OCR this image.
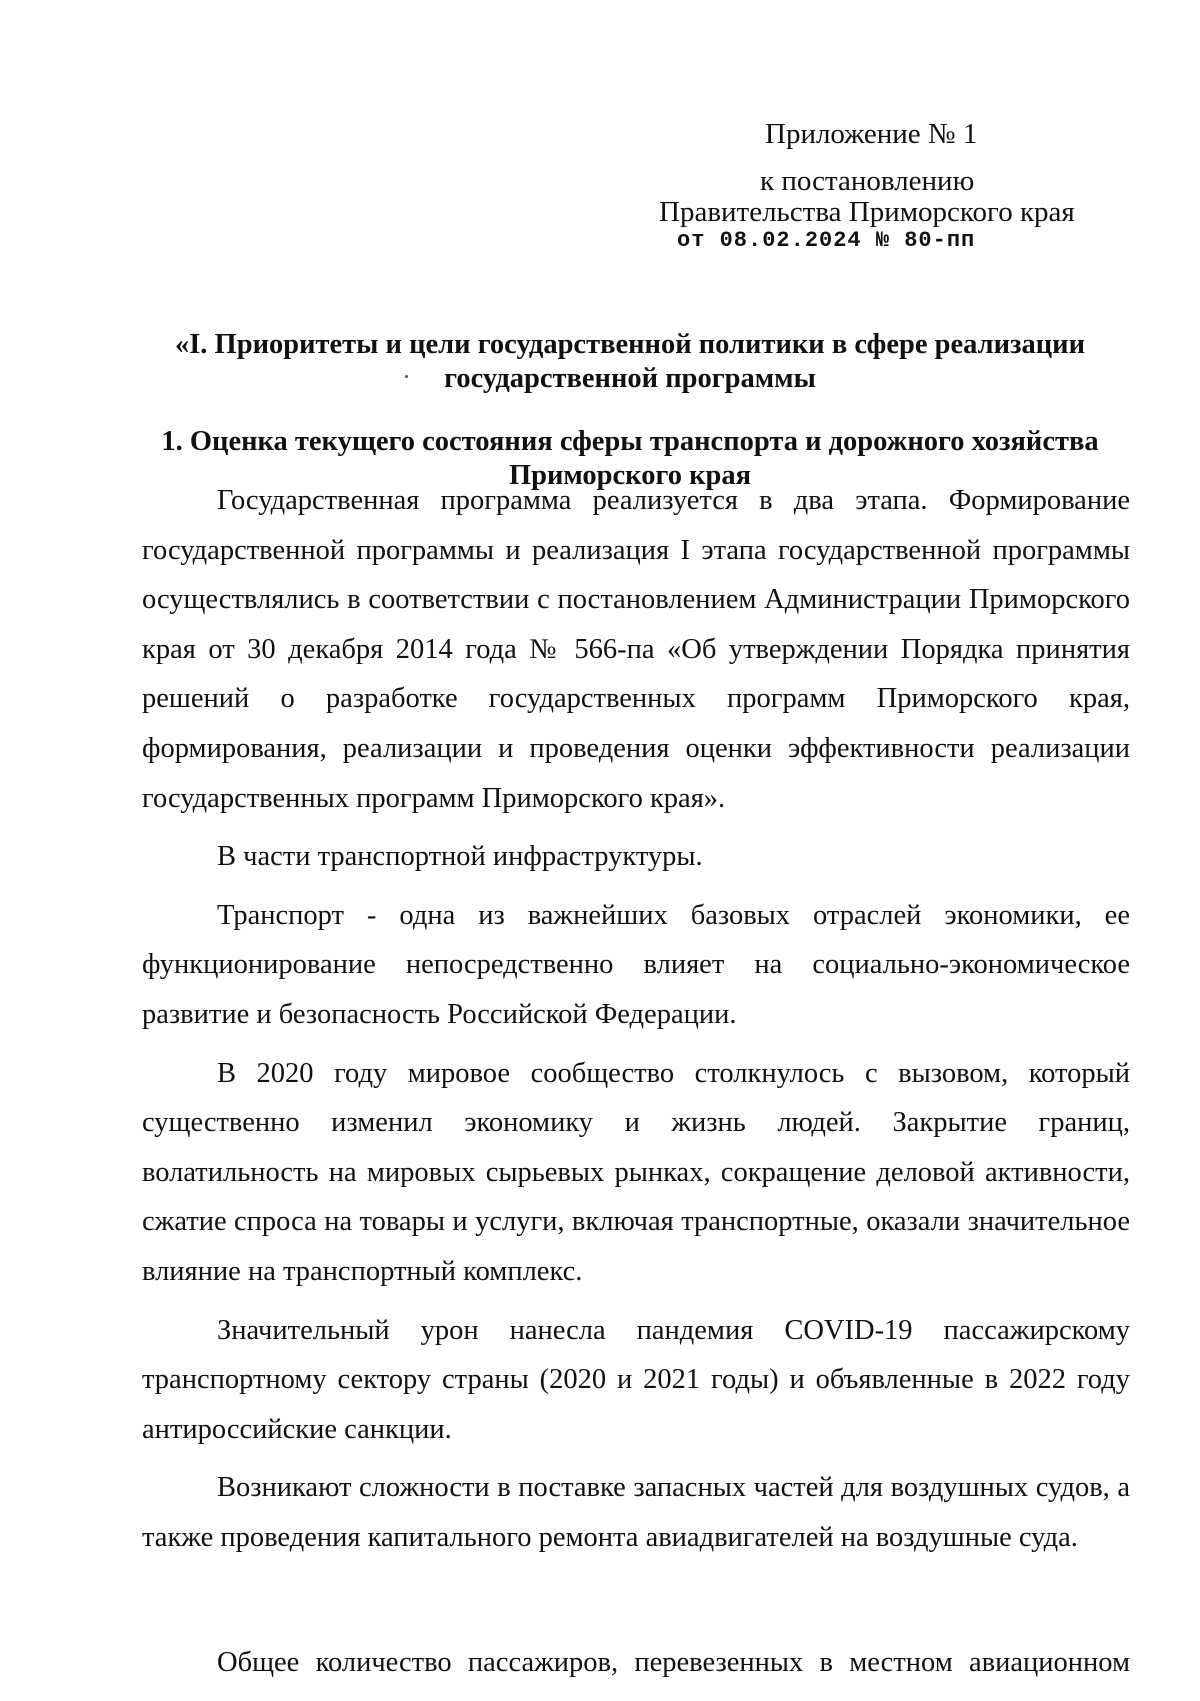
Приложение № 1
к постановлению
Правительства Приморского края
от 08.02.2024 № 80-пп
«I. Приоритеты и цели государственной политики в сфере реализации
государственной программы
1. Оценка текущего состояния сферы транспорта и дорожного хозяйства
Приморского края

Государственная программа реализуется в два этапа. Формирование государственной программы и реализация I этапа государственной программы осуществлялись в соответствии с постановлением Администрации Приморского края от 30 декабря 2014 года № 566-па «Об утверждении Порядка принятия решений о разработке государственных программ Приморского края, формирования, реализации и проведения оценки эффективности реализации государственных программ Приморского края».

В части транспортной инфраструктуры.

Транспорт - одна из важнейших базовых отраслей экономики, ее функционирование непосредственно влияет на социально-экономическое развитие и безопасность Российской Федерации.

В 2020 году мировое сообщество столкнулось с вызовом, который существенно изменил экономику и жизнь людей. Закрытие границ, волатильность на мировых сырьевых рынках, сокращение деловой активности, сжатие спроса на товары и услуги, включая транспортные, оказали значительное влияние на транспортный комплекс.

Значительный урон нанесла пандемия COVID-19 пассажирскому транспортному сектору страны (2020 и 2021 годы) и объявленные в 2022 году антироссийские санкции.

Возникают сложности в поставке запасных частей для воздушных судов, а также проведения капитального ремонта авиадвигателей на воздушные суда.

Общее количество пассажиров, перевезенных в местном авиационном
